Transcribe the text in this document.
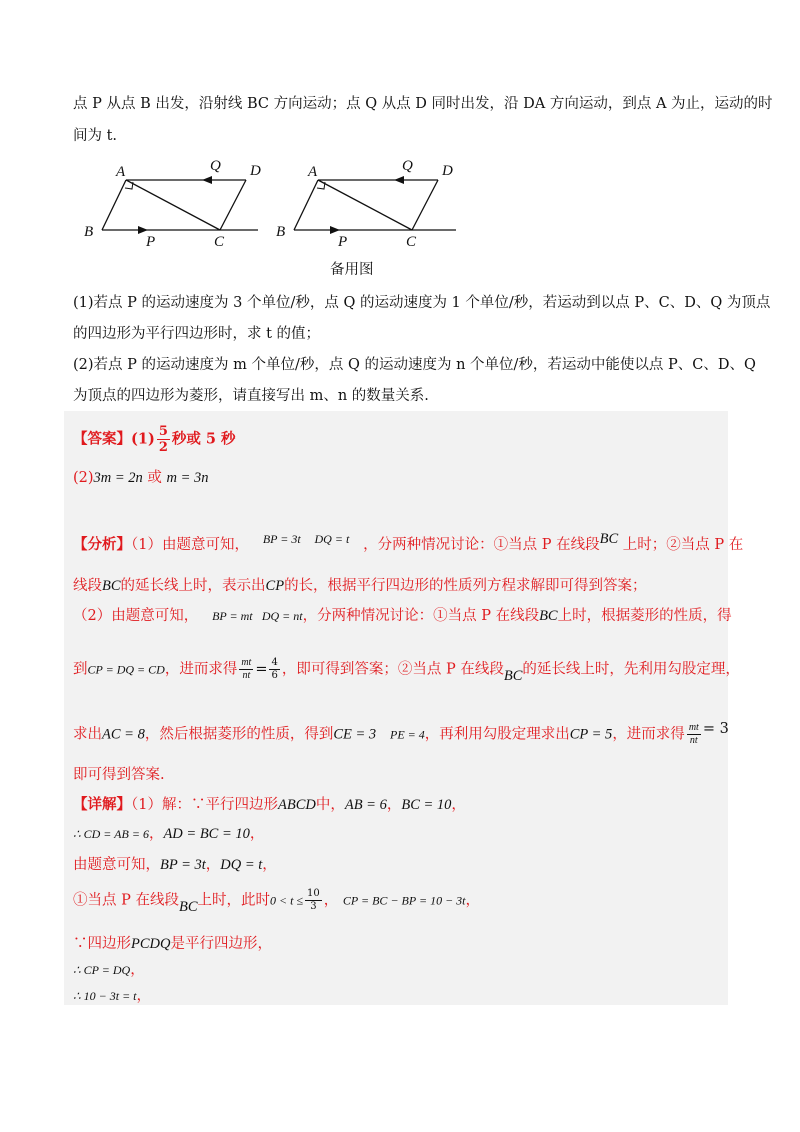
点 P 从点 B 出发，沿射线 BC 方向运动；点 Q 从点 D 同时出发，沿 DA 方向运动，到点 A 为止，运动的时
间为 t.
A	D
Q
B
P	C
A	D
Q
B
P	C
备用图
(1)若点 P 的运动速度为 3 个单位/秒，点 Q 的运动速度为 1 个单位/秒，若运动到以点 P、C、D、Q 为顶点
的四边形为平行四边形时，求 t 的值；
(2)若点 P 的运动速度为 m 个单位/秒，点 Q 的运动速度为 n 个单位/秒，若运动中能使以点 P、C、D、Q
为顶点的四边形为菱形，请直接写出 m、n 的数量关系.
【答案】$(1) \frac{5}{2}$ 秒或 5 秒
(2)3m = 2n 或 m = 3n
【分析】（1）由题意可知， $^{BP = 3t}$ $^{DQ = t}$ ，分两种情况讨论：①当点 P 在线段BC 上时；②当点 P 在
线段BC的延长线上时，表示出CP的长，根据平行四边形的性质列方程求解即可得到答案；
（2）由题意可知， BP = mt DQ = nt，分两种情况讨论：①当点 P 在线段BC上时，根据菱形的性质，得
到CP = DQ = CD，进而求得 $\frac{mt}{nt} = \frac{4}{6}$ ，即可得到答案；②当点 P 在线段BC的延长线上时，先利用勾股定理，
求出AC = 8，然后根据菱形的性质，得到CE = 3 PE = 4，再利用勾股定理求出CP = 5，进而求得 $\frac{mt}{nt} = 3$
即可得到答案.
【详解】（1）解：∵平行四边形ABCD中，AB = 6，BC = 10，
∴ CD = AB = 6，AD = BC = 10，
由题意可知，BP = 3t，DQ = t，
①当点 P 在线段BC上时，此时$0 < t \le \frac{10}{3}$ ， CP = BC − BP = 10 − 3t，
∵四边形PCDQ是平行四边形，
∴ CP = DQ，
∴ 10 − 3t = t，
